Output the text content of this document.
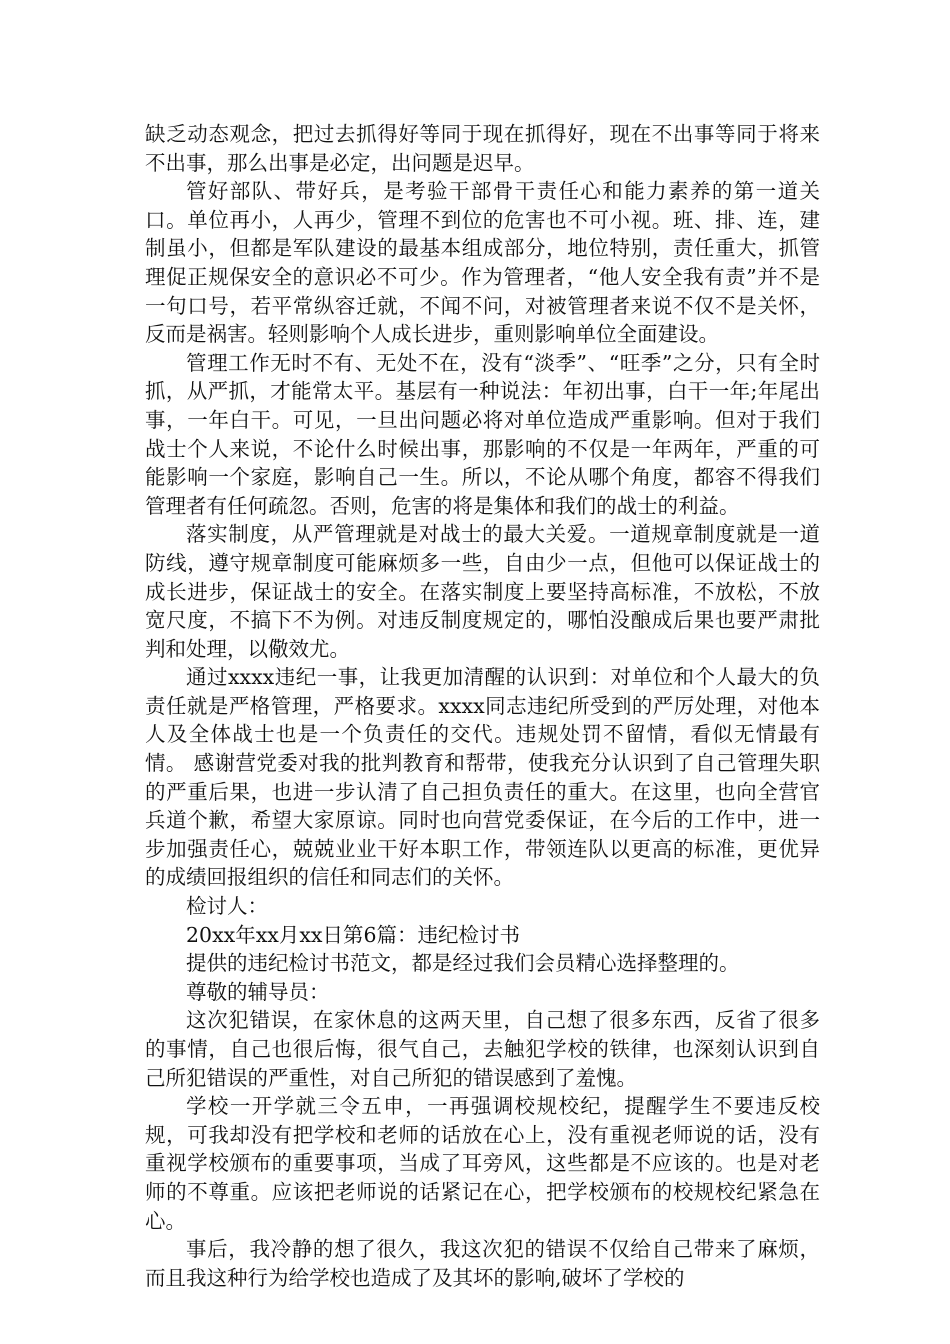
缺乏动态观念，把过去抓得好等同于现在抓得好，现在不出事等同于将来不出事，那么出事是必定，出问题是迟早。

管好部队、带好兵，是考验干部骨干责任心和能力素养的第一道关口。单位再小，人再少，管理不到位的危害也不可小视。班、排、连，建制虽小，但都是军队建设的最基本组成部分，地位特别，责任重大，抓管理促正规保安全的意识必不可少。作为管理者，“他人安全我有责”并不是一句口号，若平常纵容迁就，不闻不问，对被管理者来说不仅不是关怀，反而是祸害。轻则影响个人成长进步，重则影响单位全面建设。

管理工作无时不有、无处不在，没有“淡季”、“旺季”之分，只有全时抓，从严抓，才能常太平。基层有一种说法：年初出事，白干一年;年尾出事，一年白干。可见，一旦出问题必将对单位造成严重影响。但对于我们战士个人来说，不论什么时候出事，那影响的不仅是一年两年，严重的可能影响一个家庭，影响自己一生。所以，不论从哪个角度，都容不得我们管理者有任何疏忽。否则，危害的将是集体和我们的战士的利益。

落实制度，从严管理就是对战士的最大关爱。一道规章制度就是一道防线，遵守规章制度可能麻烦多一些，自由少一点，但他可以保证战士的成长进步，保证战士的安全。在落实制度上要坚持高标准，不放松，不放宽尺度，不搞下不为例。对违反制度规定的，哪怕没酿成后果也要严肃批判和处理，以儆效尤。

通过xxxx违纪一事，让我更加清醒的认识到：对单位和个人最大的负责任就是严格管理，严格要求。xxxx同志违纪所受到的严厉处理，对他本人及全体战士也是一个负责任的交代。违规处罚不留情，看似无情最有情。 感谢营党委对我的批判教育和帮带，使我充分认识到了自己管理失职的严重后果，也进一步认清了自己担负责任的重大。在这里，也向全营官兵道个歉，希望大家原谅。同时也向营党委保证，在今后的工作中，进一步加强责任心，兢兢业业干好本职工作，带领连队以更高的标准，更优异的成绩回报组织的信任和同志们的关怀。

检讨人：

20xx年xx月xx日第6篇：违纪检讨书

提供的违纪检讨书范文，都是经过我们会员精心选择整理的。

尊敬的辅导员：

这次犯错误，在家休息的这两天里，自己想了很多东西，反省了很多的事情，自己也很后悔，很气自己，去触犯学校的铁律，也深刻认识到自己所犯错误的严重性，对自己所犯的错误感到了羞愧。

学校一开学就三令五申，一再强调校规校纪，提醒学生不要违反校规，可我却没有把学校和老师的话放在心上，没有重视老师说的话，没有重视学校颁布的重要事项，当成了耳旁风，这些都是不应该的。也是对老师的不尊重。应该把老师说的话紧记在心，把学校颁布的校规校纪紧急在心。

事后，我冷静的想了很久，我这次犯的错误不仅给自己带来了麻烦，而且我这种行为给学校也造成了及其坏的影响,破坏了学校的
